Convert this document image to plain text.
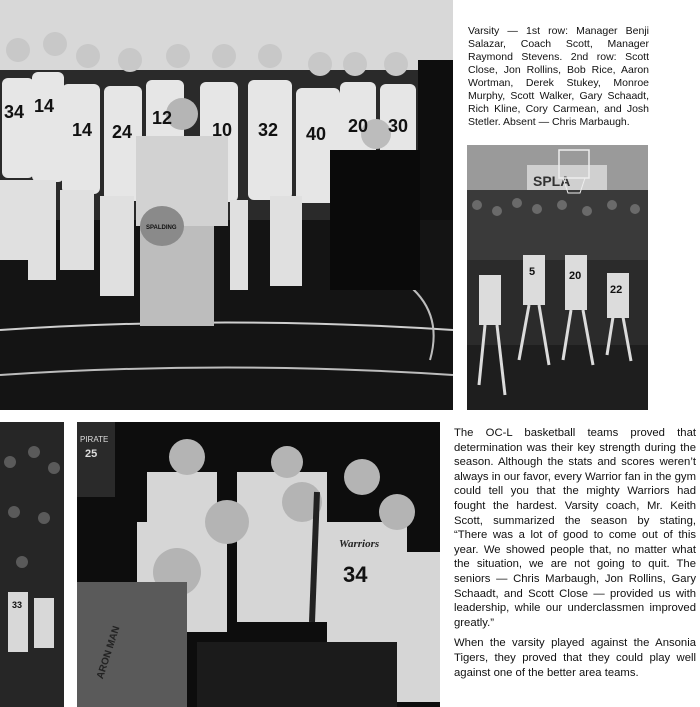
34 14
14 24
12
10 32 40 20 30
SPALDING
Varsity — 1st row: Manager Benji Salazar, Coach Scott, Manager Raymond Stevens. 2nd row: Scott Close, Jon Rollins, Bob Rice, Aaron Wortman, Derek Stukey, Monroe Murphy, Scott Walker, Gary Schaadt, Rich Kline, Cory Carmean, and Josh Stetler. Absent — Chris Marbaugh.
SPLA
5	20
22
33
PIRATE
25
ARON MAN
Warriors
34

The OC-L basketball teams proved that determination was their key strength during the season. Although the stats and scores weren’t always in our favor, every Warrior fan in the gym could tell you that the mighty Warriors had fought the hardest. Varsity coach, Mr. Keith Scott, summarized the season by stating, “There was a lot of good to come out of this year. We showed people that, no matter what the situation, we are not going to quit. The seniors — Chris Marbaugh, Jon Rollins, Gary Schaadt, and Scott Close — provided us with leadership, while our underclassmen improved greatly.”

When the varsity played against the Ansonia Tigers, they proved that they could play well against one of the better area teams.
